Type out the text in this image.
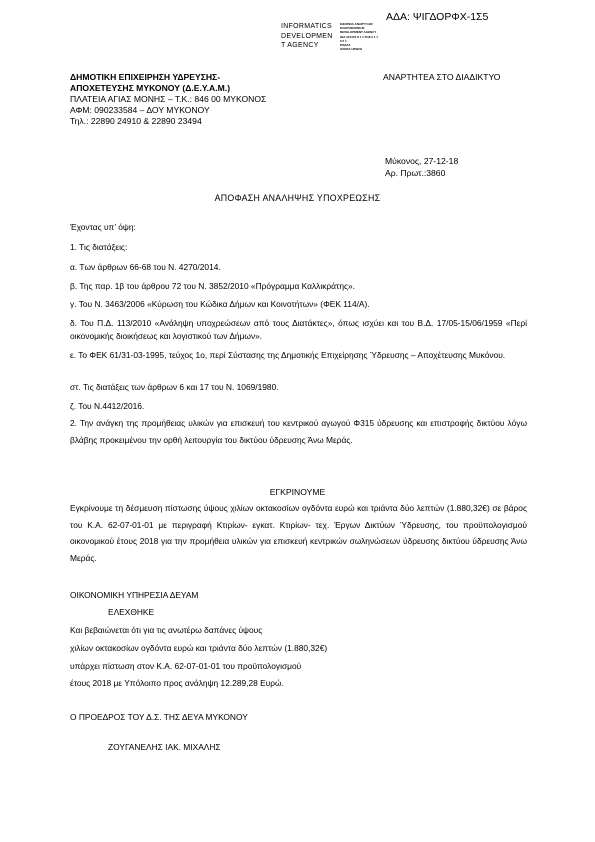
ΑΔΑ: ΨΙΓΔΟΡΦΧ-1Σ5
INFORMATICS
DEVELOPMEN
T AGENCY
ΕΦΟΡΕΙΑ ΑΝΑΠΤΥΞΗΣ
ΠΛΗΡΟΦΟΡΙΚΗΣ
DEVELOPMENT AGENCY
ΙΩΑ 210101 8 1 1 5/18 0 1 1
0 0 1
ΡΟΔΑΣ
ΟΛΟΚΛ ΗΡΩΣΗ
ΔΗΜΟΤΙΚΗ ΕΠΙΧΕΙΡΗΣΗ ΥΔΡΕΥΣΗΣ-
ΑΠΟΧΕΤΕΥΣΗΣ ΜΥΚΟΝΟΥ (Δ.Ε.Υ.Α.Μ.)
ΠΛΑΤΕΙΑ ΑΓΙΑΣ ΜΟΝΗΣ – Τ.Κ.: 846 00 ΜΥΚΟΝΟΣ
ΑΦΜ: 090233584 – ΔΟΥ ΜΥΚΟΝΟΥ
Τηλ.: 22890 24910 & 22890 23494
ΑΝΑΡΤΗΤΕΑ ΣΤΟ ΔΙΑΔΙΚΤΥΟ
Μύκονος, 27-12-18
Αρ. Πρωτ.:3860
ΑΠΟΦΑΣΗ ΑΝΑΛΗΨΗΣ ΥΠΟΧΡΕΩΣΗΣ
Έχοντας υπ’ όψη:
1. Τις διατάξεις:
α. Των άρθρων 66-68 του Ν. 4270/2014.
β. Της παρ. 1β του άρθρου 72 του Ν. 3852/2010 «Πρόγραμμα Καλλικράτης».
γ. Του Ν. 3463/2006 «Κύρωση του Κώδικα Δήμων και Κοινοτήτων» (ΦΕΚ 114/Α).
δ. Του Π.Δ. 113/2010 «Ανάληψη υποχρεώσεων από τους Διατάκτες», όπως ισχύει και του Β.Δ. 17/05-15/06/1959 «Περί οικονομικής διοικήσεως και λογιστικού των Δήμων».
ε. Το ΦΕΚ 61/31-03-1995, τεύχος 1ο, περί Σύστασης της Δημοτικής Επιχείρησης Ύδρευσης – Αποχέτευσης Μυκόνου.
στ. Τις διατάξεις των άρθρων 6 και 17 του Ν. 1069/1980.
ζ. Του Ν.4412/2016.
2. Την ανάγκη της προμήθειας υλικών για επισκευή του κεντρικού αγωγού Φ315 ύδρευσης και επιστροφής δικτύου λόγω βλάβης προκειμένου την ορθή λειτουργία του δικτύου ύδρευσης Άνω Μεράς.
ΕΓΚΡΙΝΟΥΜΕ
Εγκρίνουμε τη δέσμευση πίστωσης ύψους χιλίων οκτακοσίων ογδόντα ευρώ και τριάντα δύο λεπτών (1.880,32€) σε βάρος του Κ.Α. 62-07-01-01 με περιγραφή Κτιρίων- εγκατ. Κτιρίων- τεχ. Έργων Δικτύων Ύδρευσης, του προϋπολογισμού οικονομικού έτους 2018 για την προμήθεια υλικών για επισκευή κεντρικών σωληνώσεων ύδρευσης δικτύου ύδρευσης Άνω Μεράς.
ΟΙΚΟΝΟΜΙΚΗ ΥΠΗΡΕΣΙΑ ΔΕΥΑΜ
ΕΛΕΧΘΗΚΕ
Και βεβαιώνεται ότι για τις ανωτέρω δαπάνες ύψους
χιλίων οκτακοσίων ογδόντα ευρώ και τριάντα δύο λεπτών (1.880,32€)
υπάρχει πίστωση στον Κ.Α. 62-07-01-01 του προϋπολογισμού
έτους 2018 με Υπόλοιπο προς ανάληψη 12.289,28 Ευρώ.
Ο ΠΡΟΕΔΡΟΣ ΤΟΥ Δ.Σ. ΤΗΣ ΔΕΥΑ ΜΥΚΟΝΟΥ
ΖΟΥΓΑΝΕΛΗΣ ΙΑΚ. ΜΙΧΑΛΗΣ
